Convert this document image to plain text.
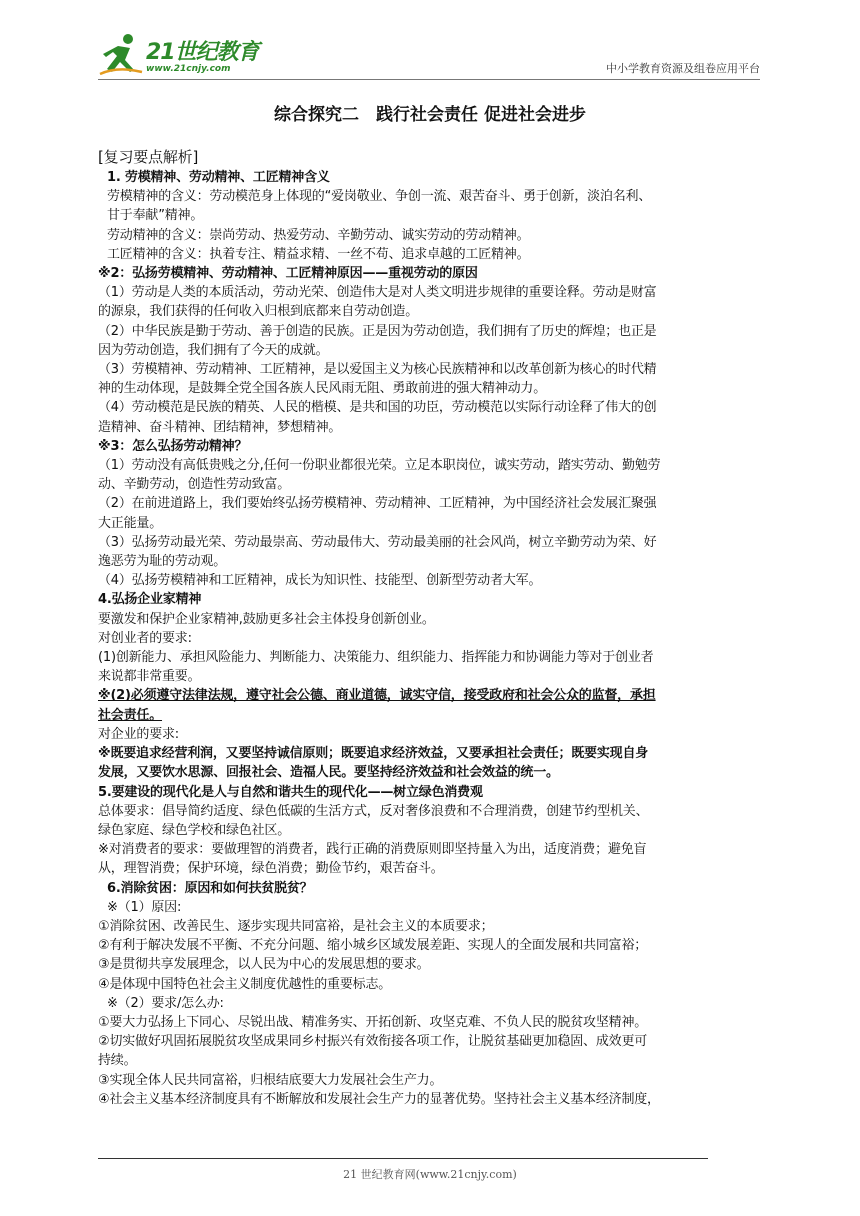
21世纪教育
www.21cnjy.com	中小学教育资源及组卷应用平台
综合探究二　践行社会责任 促进社会进步
[复习要点解析]
1. 劳模精神、劳动精神、工匠精神含义
劳模精神的含义：劳动模范身上体现的“爱岗敬业、争创一流、艰苦奋斗、勇于创新，淡泊名利、
甘于奉献”精神。
劳动精神的含义：崇尚劳动、热爱劳动、辛勤劳动、诚实劳动的劳动精神。
工匠精神的含义：执着专注、精益求精、一丝不苟、追求卓越的工匠精神。
※2：弘扬劳模精神、劳动精神、工匠精神原因——重视劳动的原因
（1）劳动是人类的本质活动，劳动光荣、创造伟大是对人类文明进步规律的重要诠释。劳动是财富
的源泉，我们获得的任何收入归根到底都来自劳动创造。
（2）中华民族是勤于劳动、善于创造的民族。正是因为劳动创造，我们拥有了历史的辉煌；也正是
因为劳动创造，我们拥有了今天的成就。
（3）劳模精神、劳动精神、工匠精神，是以爱国主义为核心民族精神和以改革创新为核心的时代精
神的生动体现，是鼓舞全党全国各族人民风雨无阻、勇敢前进的强大精神动力。
（4）劳动模范是民族的精英、人民的楷模、是共和国的功臣，劳动模范以实际行动诠释了伟大的创
造精神、奋斗精神、团结精神，梦想精神。
※3：怎么弘扬劳动精神？
（1）劳动没有高低贵贱之分,任何一份职业都很光荣。立足本职岗位，诚实劳动，踏实劳动、勤勉劳
动、辛勤劳动，创造性劳动致富。
（2）在前进道路上，我们要始终弘扬劳模精神、劳动精神、工匠精神，为中国经济社会发展汇聚强
大正能量。
（3）弘扬劳动最光荣、劳动最崇高、劳动最伟大、劳动最美丽的社会风尚，树立辛勤劳动为荣、好
逸恶劳为耻的劳动观。
（4）弘扬劳模精神和工匠精神，成长为知识性、技能型、创新型劳动者大军。
4.弘扬企业家精神
要激发和保护企业家精神,鼓励更多社会主体投身创新创业。
对创业者的要求:
(1)创新能力、承担风险能力、判断能力、决策能力、组织能力、指挥能力和协调能力等对于创业者
来说都非常重要。
※(2)必须遵守法律法规，遵守社会公德、商业道德，诚实守信，接受政府和社会公众的监督，承担
社会责任。
对企业的要求:
※既要追求经营利润，又要坚持诚信原则；既要追求经济效益，又要承担社会责任；既要实现自身
发展，又要饮水思源、回报社会、造福人民。要坚持经济效益和社会效益的统一。
5.要建设的现代化是人与自然和谐共生的现代化——树立绿色消费观
总体要求：倡导简约适度、绿色低碳的生活方式，反对奢侈浪费和不合理消费，创建节约型机关、
绿色家庭、绿色学校和绿色社区。
※对消费者的要求：要做理智的消费者，践行正确的消费原则即坚持量入为出，适度消费；避免盲
从，理智消费；保护环境，绿色消费；勤俭节约，艰苦奋斗。
6.消除贫困：原因和如何扶贫脱贫？
※（1）原因:
①消除贫困、改善民生、逐步实现共同富裕，是社会主义的本质要求；
②有利于解决发展不平衡、不充分问题、缩小城乡区域发展差距、实现人的全面发展和共同富裕；
③是贯彻共享发展理念，以人民为中心的发展思想的要求。
④是体现中国特色社会主义制度优越性的重要标志。
※（2）要求/怎么办:
①要大力弘扬上下同心、尽锐出战、精准务实、开拓创新、攻坚克难、不负人民的脱贫攻坚精神。
②切实做好巩固拓展脱贫攻坚成果同乡村振兴有效衔接各项工作，让脱贫基础更加稳固、成效更可
持续。
③实现全体人民共同富裕，归根结底要大力发展社会生产力。
④社会主义基本经济制度具有不断解放和发展社会生产力的显著优势。坚持社会主义基本经济制度，
21 世纪教育网(www.21cnjy.com)
